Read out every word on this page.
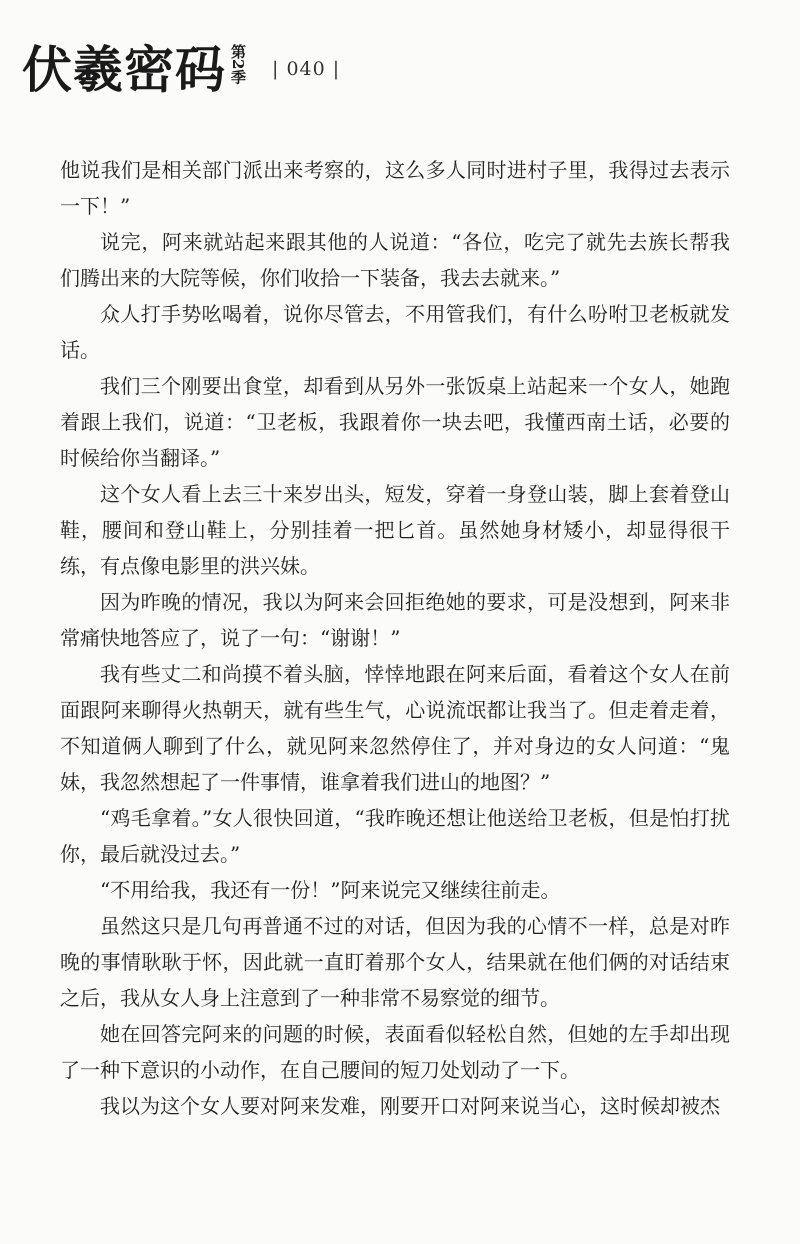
伏羲密码 第2季 | 040 |

他说我们是相关部门派出来考察的，这么多人同时进村子里，我得过去表示一下！”

说完，阿来就站起来跟其他的人说道：“各位，吃完了就先去族长帮我们腾出来的大院等候，你们收拾一下装备，我去去就来。”

众人打手势吆喝着，说你尽管去，不用管我们，有什么吩咐卫老板就发话。

我们三个刚要出食堂，却看到从另外一张饭桌上站起来一个女人，她跑着跟上我们，说道：“卫老板，我跟着你一块去吧，我懂西南土话，必要的时候给你当翻译。”

这个女人看上去三十来岁出头，短发，穿着一身登山装，脚上套着登山鞋，腰间和登山鞋上，分别挂着一把匕首。虽然她身材矮小，却显得很干练，有点像电影里的洪兴妹。

因为昨晚的情况，我以为阿来会回拒绝她的要求，可是没想到，阿来非常痛快地答应了，说了一句：“谢谢！”

我有些丈二和尚摸不着头脑，悻悻地跟在阿来后面，看着这个女人在前面跟阿来聊得火热朝天，就有些生气，心说流氓都让我当了。但走着走着，不知道俩人聊到了什么，就见阿来忽然停住了，并对身边的女人问道：“鬼妹，我忽然想起了一件事情，谁拿着我们进山的地图？”

“鸡毛拿着。”女人很快回道，“我昨晚还想让他送给卫老板，但是怕打扰你，最后就没过去。”

“不用给我，我还有一份！”阿来说完又继续往前走。

虽然这只是几句再普通不过的对话，但因为我的心情不一样，总是对昨晚的事情耿耿于怀，因此就一直盯着那个女人，结果就在他们俩的对话结束之后，我从女人身上注意到了一种非常不易察觉的细节。

她在回答完阿来的问题的时候，表面看似轻松自然，但她的左手却出现了一种下意识的小动作，在自己腰间的短刀处划动了一下。

我以为这个女人要对阿来发难，刚要开口对阿来说当心，这时候却被杰
